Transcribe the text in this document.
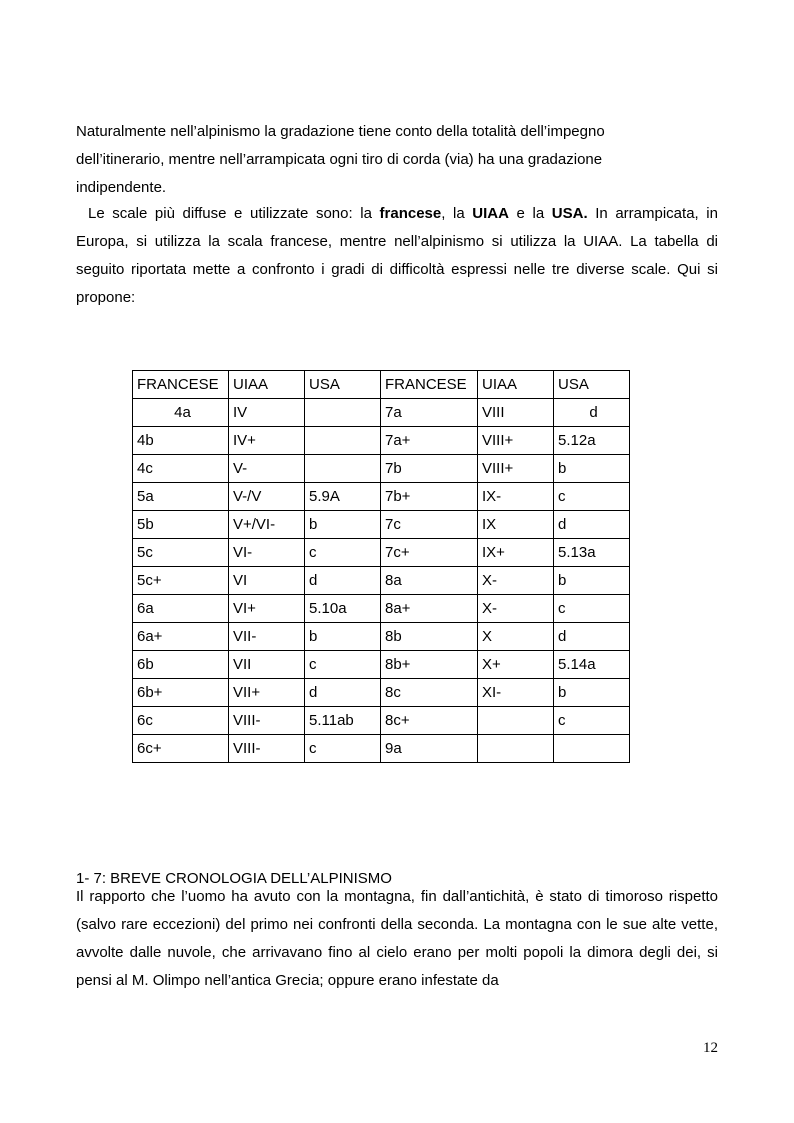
Naturalmente nell’alpinismo la gradazione tiene conto della totalità dell’impegno
dell’itinerario, mentre nell’arrampicata ogni tiro di corda (via) ha una gradazione
indipendente.

Le scale più diffuse e utilizzate sono: la francese, la UIAA e la USA. In arrampicata, in Europa, si utilizza la scala francese, mentre nell’alpinismo si utilizza la UIAA. La tabella di seguito riportata mette a confronto i gradi di difficoltà espressi nelle tre diverse scale. Qui si propone:

FRANCESE	UIAA	USA	FRANCESE	UIAA	USA
4a	IV		7a	VIII	d
4b	IV+		7a+	VIII+	5.12a
4c	V-		7b	VIII+	b
5a	V-/V	5.9A	7b+	IX-	c
5b	V+/VI-	b	7c	IX	d
5c	VI-	c	7c+	IX+	5.13a
5c+	VI	d	8a	X-	b
6a	VI+	5.10a	8a+	X-	c
6a+	VII-	b	8b	X	d
6b	VII	c	8b+	X+	5.14a
6b+	VII+	d	8c	XI-	b
6c	VIII-	5.11ab	8c+		c
6c+	VIII-	c	9a		
1- 7: BREVE CRONOLOGIA DELL’ALPINISMO

Il rapporto che l’uomo ha avuto con la montagna, fin dall’antichità, è stato di timoroso rispetto (salvo rare eccezioni) del primo nei confronti della seconda. La montagna con le sue alte vette, avvolte dalle nuvole, che arrivavano fino al cielo erano per molti popoli la dimora degli dei, si pensi al M. Olimpo nell’antica Grecia; oppure erano infestate da

12
